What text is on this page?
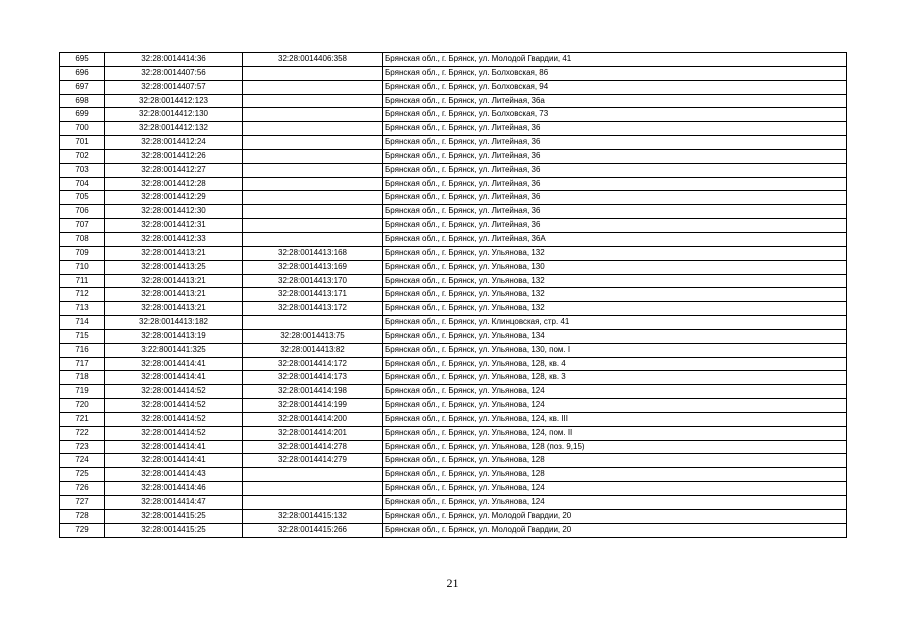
695	32:28:0014414:36	32:28:0014406:358	Брянская обл., г. Брянск, ул. Молодой Гвардии, 41
696	32:28:0014407:56		Брянская обл., г. Брянск, ул. Болховская, 86
697	32:28:0014407:57		Брянская обл., г. Брянск, ул. Болховская, 94
698	32:28:0014412:123		Брянская обл., г. Брянск, ул. Литейная, 36а
699	32:28:0014412:130		Брянская обл., г. Брянск, ул. Болховская, 73
700	32:28:0014412:132		Брянская обл., г. Брянск, ул. Литейная, 36
701	32:28:0014412:24		Брянская обл., г. Брянск, ул. Литейная, 36
702	32:28:0014412:26		Брянская обл., г. Брянск, ул. Литейная, 36
703	32:28:0014412:27		Брянская обл., г. Брянск, ул. Литейная, 36
704	32:28:0014412:28		Брянская обл., г. Брянск, ул. Литейная, 36
705	32:28:0014412:29		Брянская обл., г. Брянск, ул. Литейная, 36
706	32:28:0014412:30		Брянская обл., г. Брянск, ул. Литейная, 36
707	32:28:0014412:31		Брянская обл., г. Брянск, ул. Литейная, 36
708	32:28:0014412:33		Брянская обл., г. Брянск, ул. Литейная, 36А
709	32:28:0014413:21	32:28:0014413:168	Брянская обл., г. Брянск, ул. Ульянова, 132
710	32:28:0014413:25	32:28:0014413:169	Брянская обл., г. Брянск, ул. Ульянова, 130
711	32:28:0014413:21	32:28:0014413:170	Брянская обл., г. Брянск, ул. Ульянова, 132
712	32:28:0014413:21	32:28:0014413:171	Брянская обл., г. Брянск, ул. Ульянова, 132
713	32:28:0014413:21	32:28:0014413:172	Брянская обл., г. Брянск, ул. Ульянова, 132
714	32:28:0014413:182		Брянская обл., г. Брянск, ул. Клинцовская, стр. 41
715	32:28:0014413:19	32:28:0014413:75	Брянская обл., г. Брянск, ул. Ульянова, 134
716	3:22:8001441:325	32:28:0014413:82	Брянская обл., г. Брянск, ул. Ульянова, 130, пом. I
717	32:28:0014414:41	32:28:0014414:172	Брянская обл., г. Брянск, ул. Ульянова, 128, кв. 4
718	32:28:0014414:41	32:28:0014414:173	Брянская обл., г. Брянск, ул. Ульянова, 128, кв. 3
719	32:28:0014414:52	32:28:0014414:198	Брянская обл., г. Брянск, ул. Ульянова, 124
720	32:28:0014414:52	32:28:0014414:199	Брянская обл., г. Брянск, ул. Ульянова, 124
721	32:28:0014414:52	32:28:0014414:200	Брянская обл., г. Брянск, ул. Ульянова, 124, кв. III
722	32:28:0014414:52	32:28:0014414:201	Брянская обл., г. Брянск, ул. Ульянова, 124, пом. II
723	32:28:0014414:41	32:28:0014414:278	Брянская обл., г. Брянск, ул. Ульянова, 128 (поз. 9,15)
724	32:28:0014414:41	32:28:0014414:279	Брянская обл., г. Брянск, ул. Ульянова, 128
725	32:28:0014414:43		Брянская обл., г. Брянск, ул. Ульянова, 128
726	32:28:0014414:46		Брянская обл., г. Брянск, ул. Ульянова, 124
727	32:28:0014414:47		Брянская обл., г. Брянск, ул. Ульянова, 124
728	32:28:0014415:25	32:28:0014415:132	Брянская обл., г. Брянск, ул. Молодой Гвардии, 20
729	32:28:0014415:25	32:28:0014415:266	Брянская обл., г. Брянск, ул. Молодой Гвардии, 20
21
